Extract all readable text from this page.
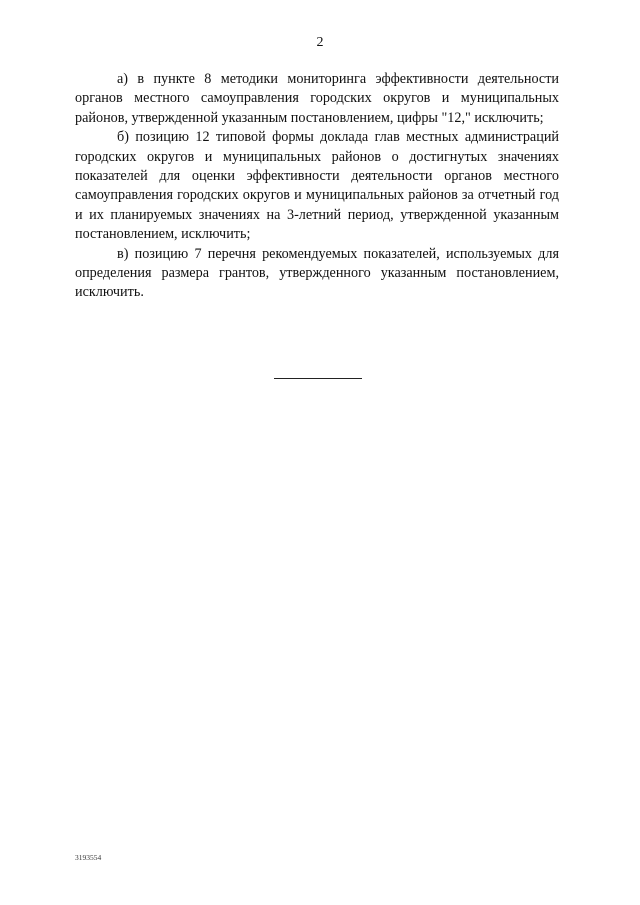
2

а) в пункте 8 методики мониторинга эффективности деятельности органов местного самоуправления городских округов и муниципальных районов, утвержденной указанным постановлением, цифры "12," исключить;

б) позицию 12 типовой формы доклада глав местных администраций городских округов и муниципальных районов о достигнутых значениях показателей для оценки эффективности деятельности органов местного самоуправления городских округов и муниципальных районов за отчетный год и их планируемых значениях на 3-летний период, утвержденной указанным постановлением, исключить;

в) позицию 7 перечня рекомендуемых показателей, используемых для определения размера грантов, утвержденного указанным постановлением, исключить.

3193554
